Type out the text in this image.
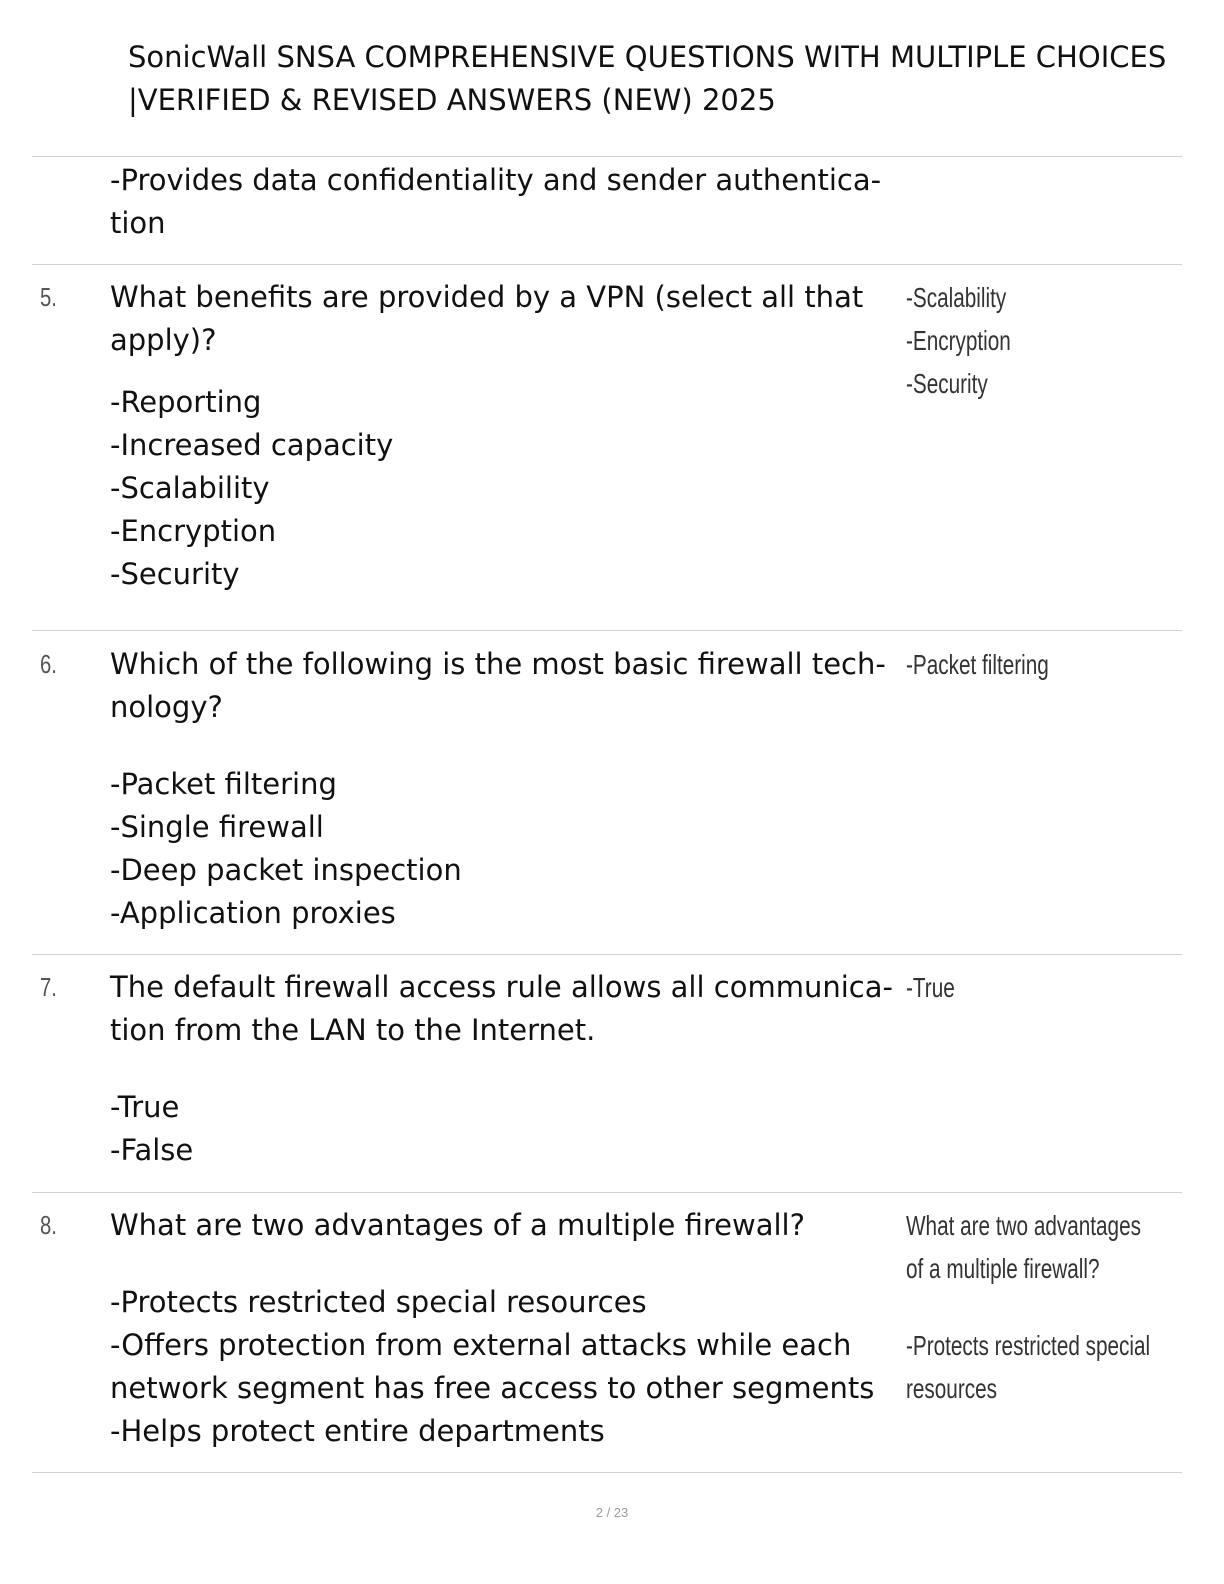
SonicWall SNSA COMPREHENSIVE QUESTIONS WITH MULTIPLE CHOICES
|VERIFIED & REVISED ANSWERS (NEW) 2025
-Provides data confidentiality and sender authentica-
tion
5. What benefits are provided by a VPN (select all that
apply)?
-Reporting
-Increased capacity
-Scalability
-Encryption
-Security
-Scalability
-Encryption
-Security
6. Which of the following is the most basic firewall tech-
nology?
-Packet filtering
-Single firewall
-Deep packet inspection
-Application proxies
-Packet filtering
7. The default firewall access rule allows all communica-
tion from the LAN to the Internet.
-True
-False
-True
8. What are two advantages of a multiple firewall?
-Protects restricted special resources
-Offers protection from external attacks while each
network segment has free access to other segments
-Helps protect entire departments
What are two advantages
of a multiple firewall?
-Protects restricted special
resources
2 / 23
